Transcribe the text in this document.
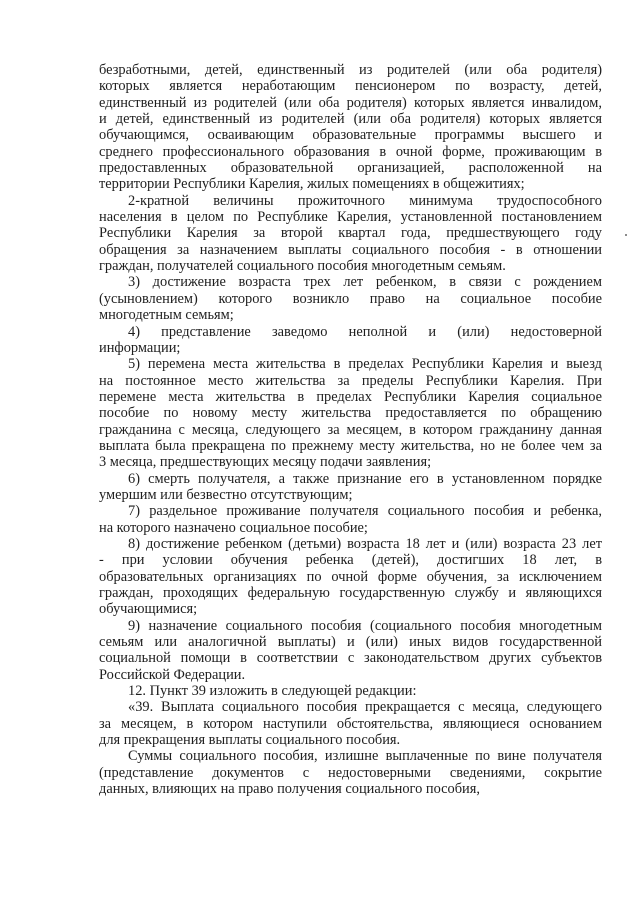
безработными, детей, единственный из родителей (или оба родителя)
которых является неработающим пенсионером по возрасту, детей,
единственный из родителей (или оба родителя) которых является инвалидом,
и детей, единственный из родителей (или оба родителя) которых является
обучающимся, осваивающим образовательные программы высшего и
среднего профессионального образования в очной форме, проживающим в
предоставленных образовательной организацией, расположенной на
территории Республики Карелия, жилых помещениях в общежитиях;
2-кратной величины прожиточного минимума трудоспособного
населения в целом по Республике Карелия, установленной постановлением
Республики Карелия за второй квартал года, предшествующего году
обращения за назначением выплаты социального пособия - в отношении
граждан, получателей социального пособия многодетным семьям.
3) достижение возраста трех лет ребенком, в связи с рождением
(усыновлением) которого возникло право на социальное пособие
многодетным семьям;
4) представление заведомо неполной и (или) недостоверной
информации;
5) перемена места жительства в пределах Республики Карелия и выезд
на постоянное место жительства за пределы Республики Карелия. При
перемене места жительства в пределах Республики Карелия социальное
пособие по новому месту жительства предоставляется по обращению
гражданина с месяца, следующего за месяцем, в котором гражданину данная
выплата была прекращена по прежнему месту жительства, но не более чем за
3 месяца, предшествующих месяцу подачи заявления;
6) смерть получателя, а также признание его в установленном порядке
умершим или безвестно отсутствующим;
7) раздельное проживание получателя социального пособия и ребенка,
на которого назначено социальное пособие;
8) достижение ребенком (детьми) возраста 18 лет и (или) возраста 23 лет
- при условии обучения ребенка (детей), достигших 18 лет, в
образовательных организациях по очной форме обучения, за исключением
граждан, проходящих федеральную государственную службу и являющихся
обучающимися;
9) назначение социального пособия (социального пособия многодетным
семьям или аналогичной выплаты) и (или) иных видов государственной
социальной помощи в соответствии с законодательством других субъектов
Российской Федерации.
12. Пункт 39 изложить в следующей редакции:
«39. Выплата социального пособия прекращается с месяца, следующего
за месяцем, в котором наступили обстоятельства, являющиеся основанием
для прекращения выплаты социального пособия.
Суммы социального пособия, излишне выплаченные по вине получателя
(представление документов с недостоверными сведениями, сокрытие
данных, влияющих на право получения социального пособия,
